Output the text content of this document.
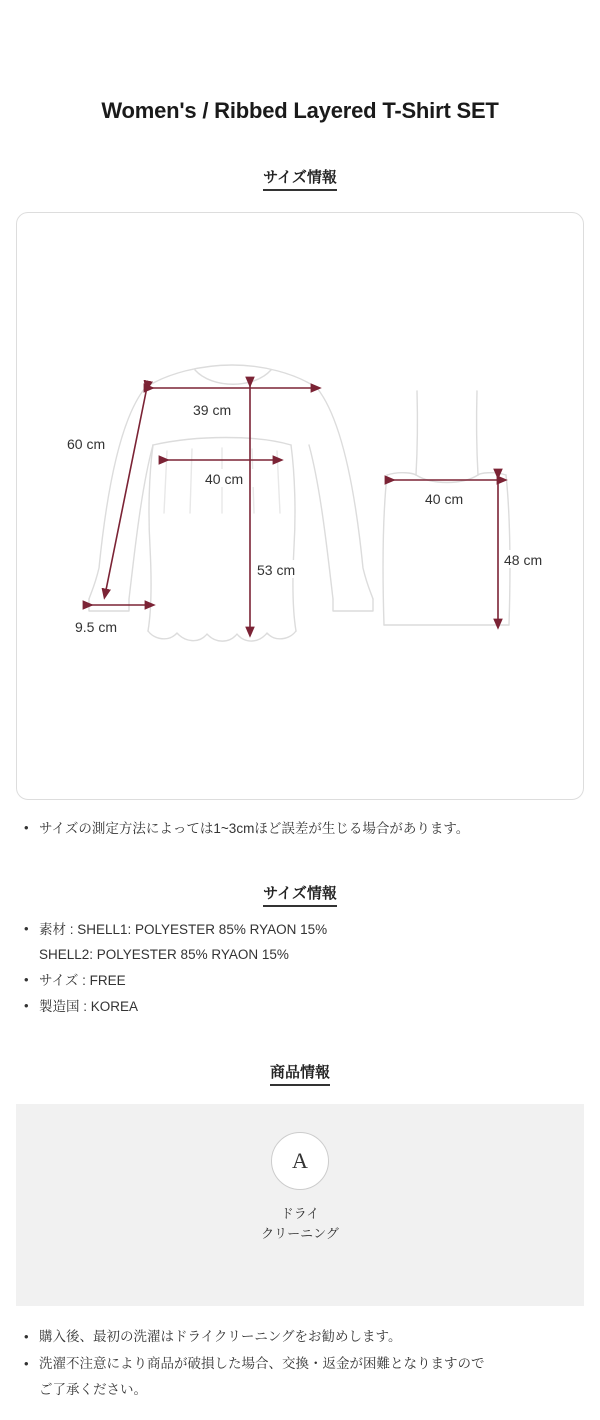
Women's / Ribbed Layered T-Shirt SET
サイズ情報
60 cm
39 cm
40 cm
53 cm
9.5 cm
40 cm
48 cm
• サイズの測定方法によっては1~3cmほど誤差が生じる場合があります。
サイズ情報
• 素材 : SHELL1: POLYESTER 85% RYAON 15%
SHELL2: POLYESTER 85% RYAON 15%
• サイズ : FREE
• 製造国 : KOREA
商品情報
A
ドライ
クリーニング
• 購入後、最初の洗濯はドライクリーニングをお勧めします。
• 洗濯不注意により商品が破損した場合、交換・返金が困難となりますので
ご了承ください。
